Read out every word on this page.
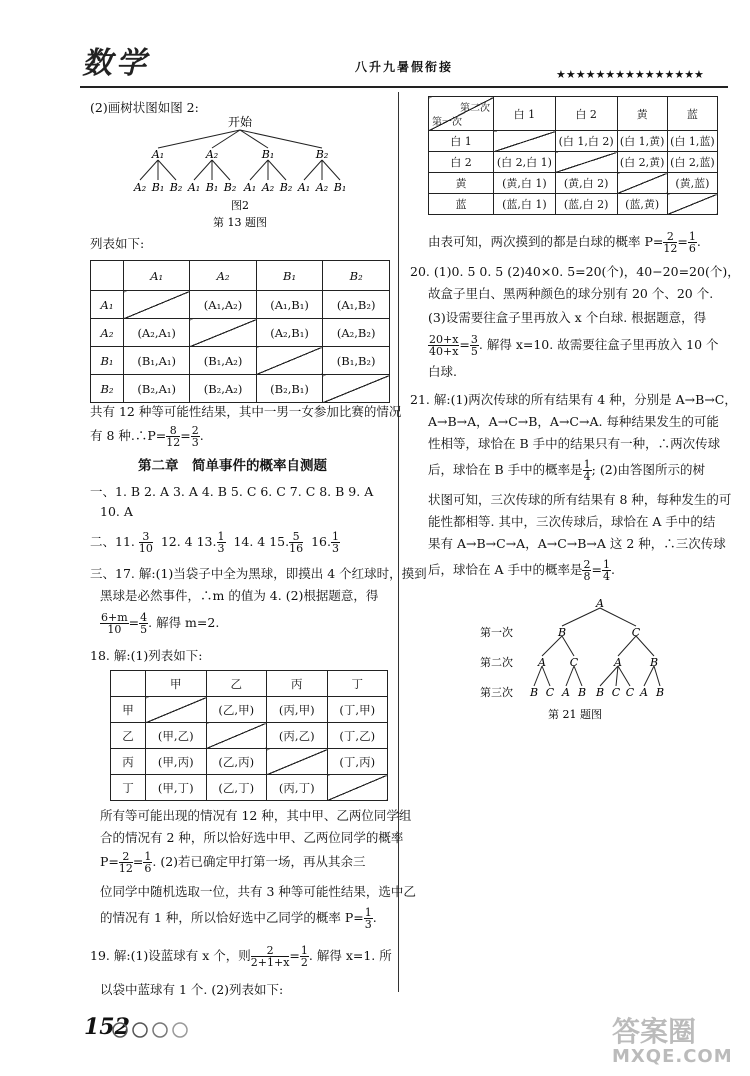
数学	八升九暑假衔接
★★★★★★★★★★★★★★★
(2)画树状图如图 2:
开始
A₁	A₂	B₁	B₂
A₂ B₁ B₂ A₁ B₁ B₂ A₁ A₂ B₂ A₁ A₂ B₁
图2
第 13 题图
列表如下:
	A₁	A₂	B₁	B₂
A₁		(A₁,A₂)	(A₁,B₁)	(A₁,B₂)
A₂	(A₂,A₁)		(A₂,B₁)	(A₂,B₂)
B₁	(B₁,A₁)	(B₁,A₂)		(B₁,B₂)
B₂	(B₂,A₁)	(B₂,A₂)	(B₂,B₁)	
共有 12 种等可能性结果，其中一男一女参加比赛的情况
有 8 种.∴P= $\frac{8}{12} = \frac{2}{3}$ .
第二章　简单事件的概率自测题
一、1. B 2. A 3. A 4. B 5. C 6. C 7. C 8. B 9. A
10. A
二、11. $\frac{3}{10} 12$. 4 13. $\frac{1}{3} 14$. 4 15. $\frac{5}{16} 16$. $\frac{1}{3}$
三、17. 解:(1)当袋子中全为黑球，即摸出 4 个红球时，摸到
黑球是必然事件，∴m 的值为 4. (2)根据题意，得
$\frac{6+m}{10} = \frac{4}{5}$ . 解得 m=2.
18. 解:(1)列表如下:
	甲	乙	丙	丁
甲		(乙,甲)	(丙,甲)	(丁,甲)
乙	(甲,乙)		(丙,乙)	(丁,乙)
丙	(甲,丙)	(乙,丙)		(丁,丙)
丁	(甲,丁)	(乙,丁)	(丙,丁)	
所有等可能出现的情况有 12 种，其中甲、乙两位同学组
合的情况有 2 种，所以恰好选中甲、乙两位同学的概率
$P= \frac{2}{12} = \frac{1}{6}$ . (2)若已确定甲打第一场，再从其余三
位同学中随机选取一位，共有 3 种等可能性结果，选中乙
的情况有 1 种，所以恰好选中乙同学的概率 $P= \frac{1}{3}$ .
19. 解:(1)设蓝球有 x 个，则 $\frac{2}{2+1+x} = \frac{1}{2}$ . 解得 x=1. 所
以袋中蓝球有 1 个. (2)列表如下:
第二次
第一次	白 1	白 2	黄	蓝
白 1		(白 1,白 2)	(白 1,黄)	(白 1,蓝)
白 2	(白 2,白 1)		(白 2,黄)	(白 2,蓝)
黄	(黄,白 1)	(黄,白 2)		(黄,蓝)
蓝	(蓝,白 1)	(蓝,白 2)	(蓝,黄)	
由表可知，两次摸到的都是白球的概率 $P= \frac{2}{12} = \frac{1}{6}$ .
20. (1)0. 5 0. 5 (2)40×0. 5=20(个)，40−20=20(个)，
故盒子里白、黑两种颜色的球分别有 20 个、20 个.
(3)设需要往盒子里再放入 x 个白球. 根据题意，得
$\frac{20+x}{40+x} = \frac{3}{5}$ . 解得 x=10. 故需要往盒子里再放入 10 个
白球.
21. 解:(1)两次传球的所有结果有 4 种，分别是 A→B→C，
A→B→A，A→C→B，A→C→A. 每种结果发生的可能
性相等，球恰在 B 手中的结果只有一种，∴两次传球
后，球恰在 B 手中的概率是 $\frac{1}{4}$ ; (2)由答图所示的树
状图可知，三次传球的所有结果有 8 种，每种发生的可
能性都相等. 其中，三次传球后，球恰在 A 手中的结
果有 A→B→C→A，A→C→B→A 这 2 种，∴三次传球
后，球恰在 A 手中的概率是 $\frac{2}{8} = \frac{1}{4}$ .
第一次
第二次
第三次
A
B	C
A C	A	B
B C A B B C C A B
第 21 题图
152	答案圈
MXQE.COM
